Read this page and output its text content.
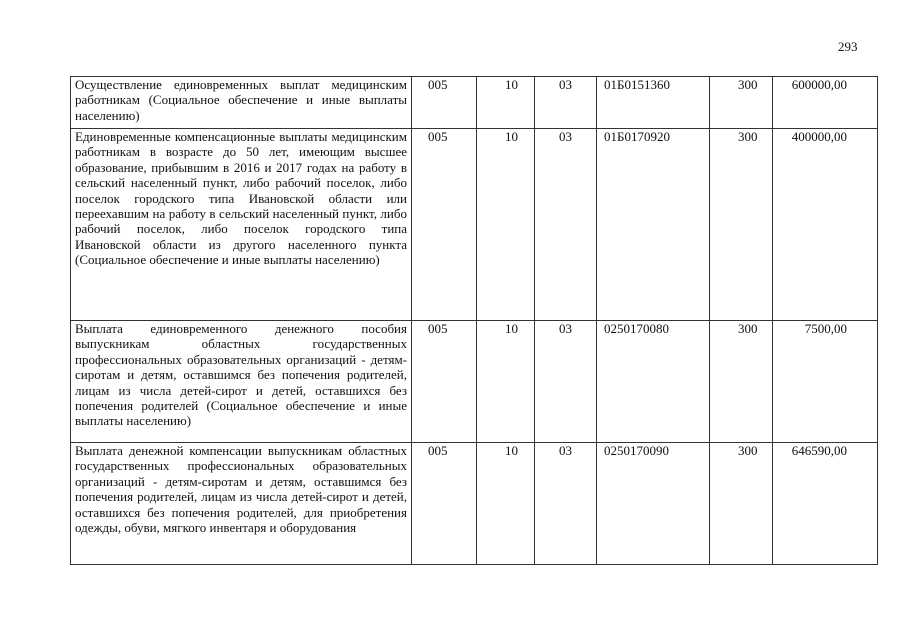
293
Осуществление единовременных выплат медицинским работникам (Социальное обеспечение и иные выплаты населению)	005	10	03	01Б0151360	300	600000,00
Единовременные компенсационные выплаты медицинским работникам в возрасте до 50 лет, имеющим высшее образование, прибывшим в 2016 и 2017 годах на работу в сельский населенный пункт, либо рабочий поселок, либо поселок городского типа Ивановской области или переехавшим на работу в сельский населенный пункт, либо рабочий поселок, либо поселок городского типа Ивановской области из другого населенного пункта (Социальное обеспечение и иные выплаты населению)	005	10	03	01Б0170920	300	400000,00
Выплата единовременного денежного пособия выпускникам областных государственных профессиональных образовательных организаций - детям-сиротам и детям, оставшимся без попечения родителей, лицам из числа детей-сирот и детей, оставшихся без попечения родителей (Социальное обеспечение и иные выплаты населению)	005	10	03	0250170080	300	7500,00
Выплата денежной компенсации выпускникам областных государственных профессиональных образовательных организаций - детям-сиротам и детям, оставшимся без попечения родителей, лицам из числа детей-сирот и детей, оставшихся без попечения родителей, для приобретения одежды, обуви, мягкого инвентаря и оборудования	005	10	03	0250170090	300	646590,00
